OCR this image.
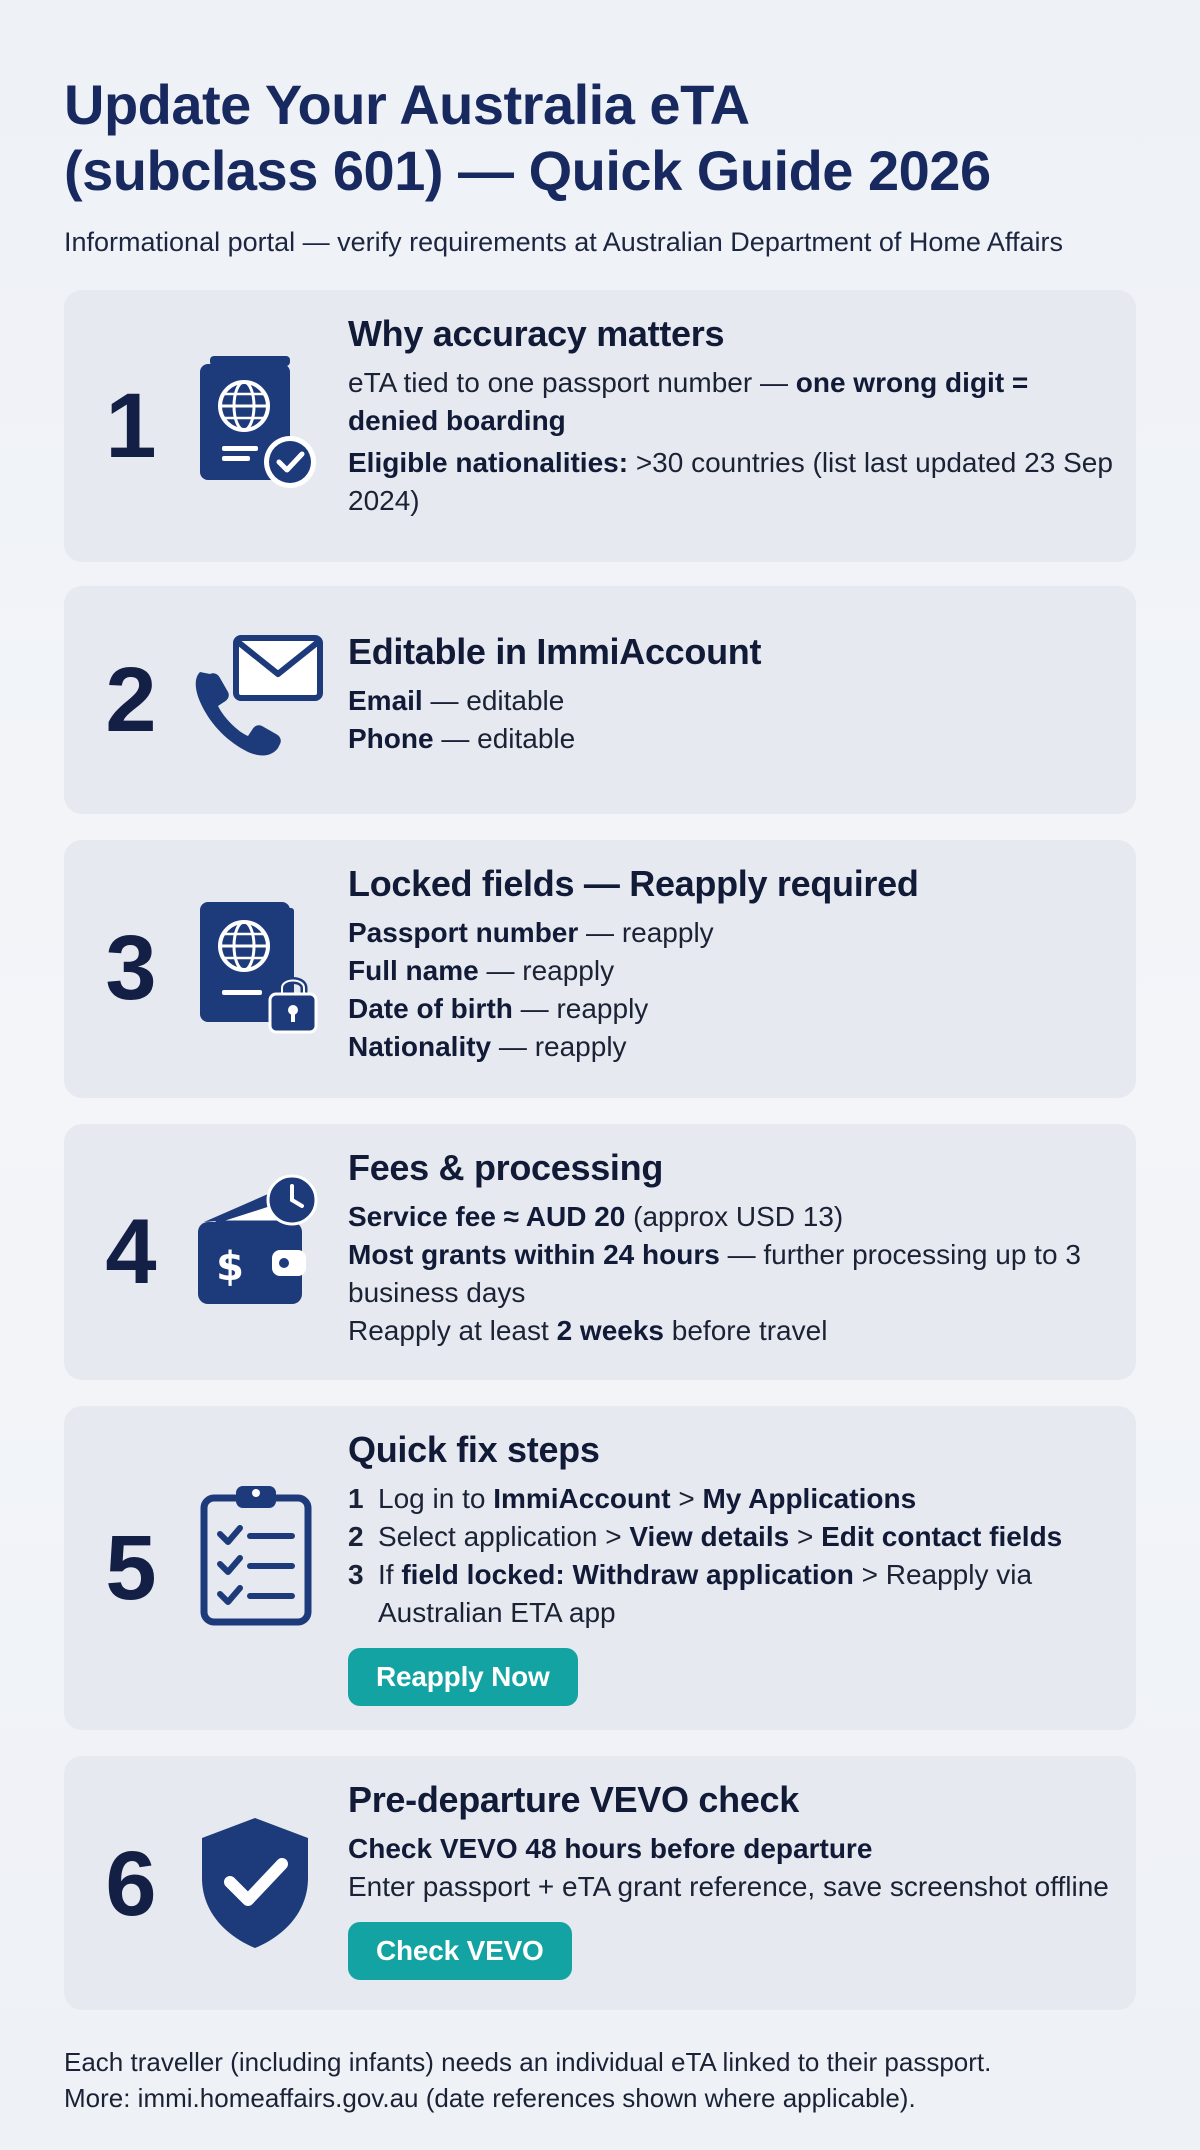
Update Your Australia eTA
(subclass 601) — Quick Guide 2026
Informational portal — verify requirements at Australian Department of Home Affairs
1
Why accuracy matters
eTA tied to one passport number — one wrong digit = denied boarding
Eligible nationalities: >30 countries (list last updated 23 Sep 2024)
2	Editable in ImmiAccount
Email — editable
Phone — editable
3
Locked fields — Reapply required
Passport number — reapply
Full name — reapply
Date of birth — reapply
Nationality — reapply
4	$
Fees & processing
Service fee ≈ AUD 20 (approx USD 13)
Most grants within 24 hours — further processing up to 3 business days
Reapply at least 2 weeks before travel
5
Quick fix steps
1 Log in to ImmiAccount > My Applications
2 Select application > View details > Edit contact fields
3 If field locked: Withdraw application > Reapply via Australian ETA app
Reapply Now
6
Pre-departure VEVO check
Check VEVO 48 hours before departure
Enter passport + eTA grant reference, save screenshot offline
Check VEVO
Each traveller (including infants) needs an individual eTA linked to their passport.
More: immi.homeaffairs.gov.au (date references shown where applicable).
